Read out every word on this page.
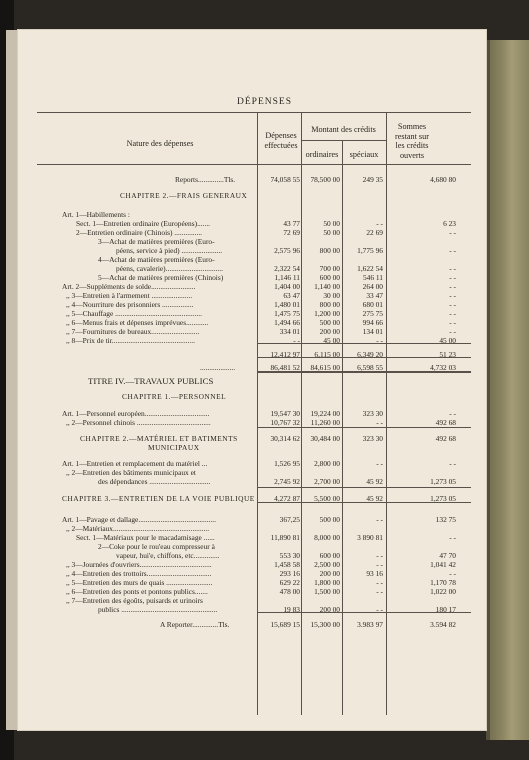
DÉPENSES
Nature des dépenses
Dépenses
effectuées
Montant des crédits
ordinaires	spéciaux
Sommes
restant sur
les crédits
ouverts
Reports..............Tls.	74,058 55	78,500 00	249 35	4,680 80
CHAPITRE 2.—FRAIS GENERAUX
Art. 1—Habillements :
Sect. 1—Entretien ordinaire (Européens).......	43 77	50 00	- -	6 23
2—Entretien ordinaire (Chinois) ...............	72 69	50 00	22 69	- -
3—Achat de matières premières (Euro-
péens, service à pied) ......................	2,575 96	800 00	1,775 96	- -
4—Achat de matières premières (Euro-
péens, cavalerie)...............................	2,322 54	700 00	1,622 54	- -
5—Achat de matières premières (Chinois)	1,146 11	600 00	546 11	- -
Art. 2—Suppléments de solde........................	1,404 00	1,140 00	264 00	- -
,, 3—Entretien à l'armement ......................	63 47	30 00	33 47	- -
,, 4—Nourriture des prisonniers .................	1,480 01	800 00	680 01	- -
,, 5—Chauffage ...............................................	1,475 75	1,200 00	275 75	- -
,, 6—Menus frais et dépenses imprévues............	1,494 66	500 00	994 66	- -
,, 7—Fournitures de bureaux..........................	334 01	200 00	134 01	- -
,, 8—Prix de tir.............................................	- -	45 00	- -	45 00
12,412 97	6,115 00	6,349 20	51 23
...................	86,481 52	84,615 00	6,598 55	4,732 03
TITRE IV.—TRAVAUX PUBLICS
CHAPITRE 1.—PERSONNEL
Art. 1—Personnel européen...................................	19,547 30	19,224 00	323 30	- -
,, 2—Personnel chinois ........................................	10,767 32	11,260 00	- -	492 68
CHAPITRE 2.—MATÉRIEL ET BATIMENTS	30,314 62	30,484 00	323 30	492 68
MUNICIPAUX
Art. 1—Entretien et remplacement du matériel ...	1,526 95	2,800 00	- -	- -
,, 2—Entretien des bâtiments municipaux et
des dépendances .................................	2,745 92	2,700 00	45 92	1,273 05
CHAPITRE 3.—ENTRETIEN DE LA VOIE PUBLIQUE	4,272 87	5,500 00	45 92	1,273 05
Art. 1—Pavage et dallage..........................................	367,25	500 00	- -	132 75
,, 2—Matériaux....................................................
Sect. 1—Matériaux pour le macadamisage ......	11,890 81	8,000 00	3 890 81	- -
2—Coke pour le rou'eau compresseur à
vapeur, hui'e, chiffons, etc..............	553 30	600 00	- -	47 70
,, 3—Journées d'ouvriers.......................................	1,458 58	2,500 00	- -	1,041 42
,, 4—Entretien des trottoirs...................................	293 16	200 00	93 16	- -
,, 5—Entretien des murs de quais .........................	629 22	1,800 00	- -	1,170 78
,, 6—Entretien des ponts et pontons publics.......	478 00	1,500 00	- -	1,022 00
,, 7—Entretien des égoûts, puisards et urinoirs
publics ....................................................	19 83	200 00	- -	180 17
A Reporter..............Tls.	15,689 15	15,300 00	3.983 97	3.594 82
